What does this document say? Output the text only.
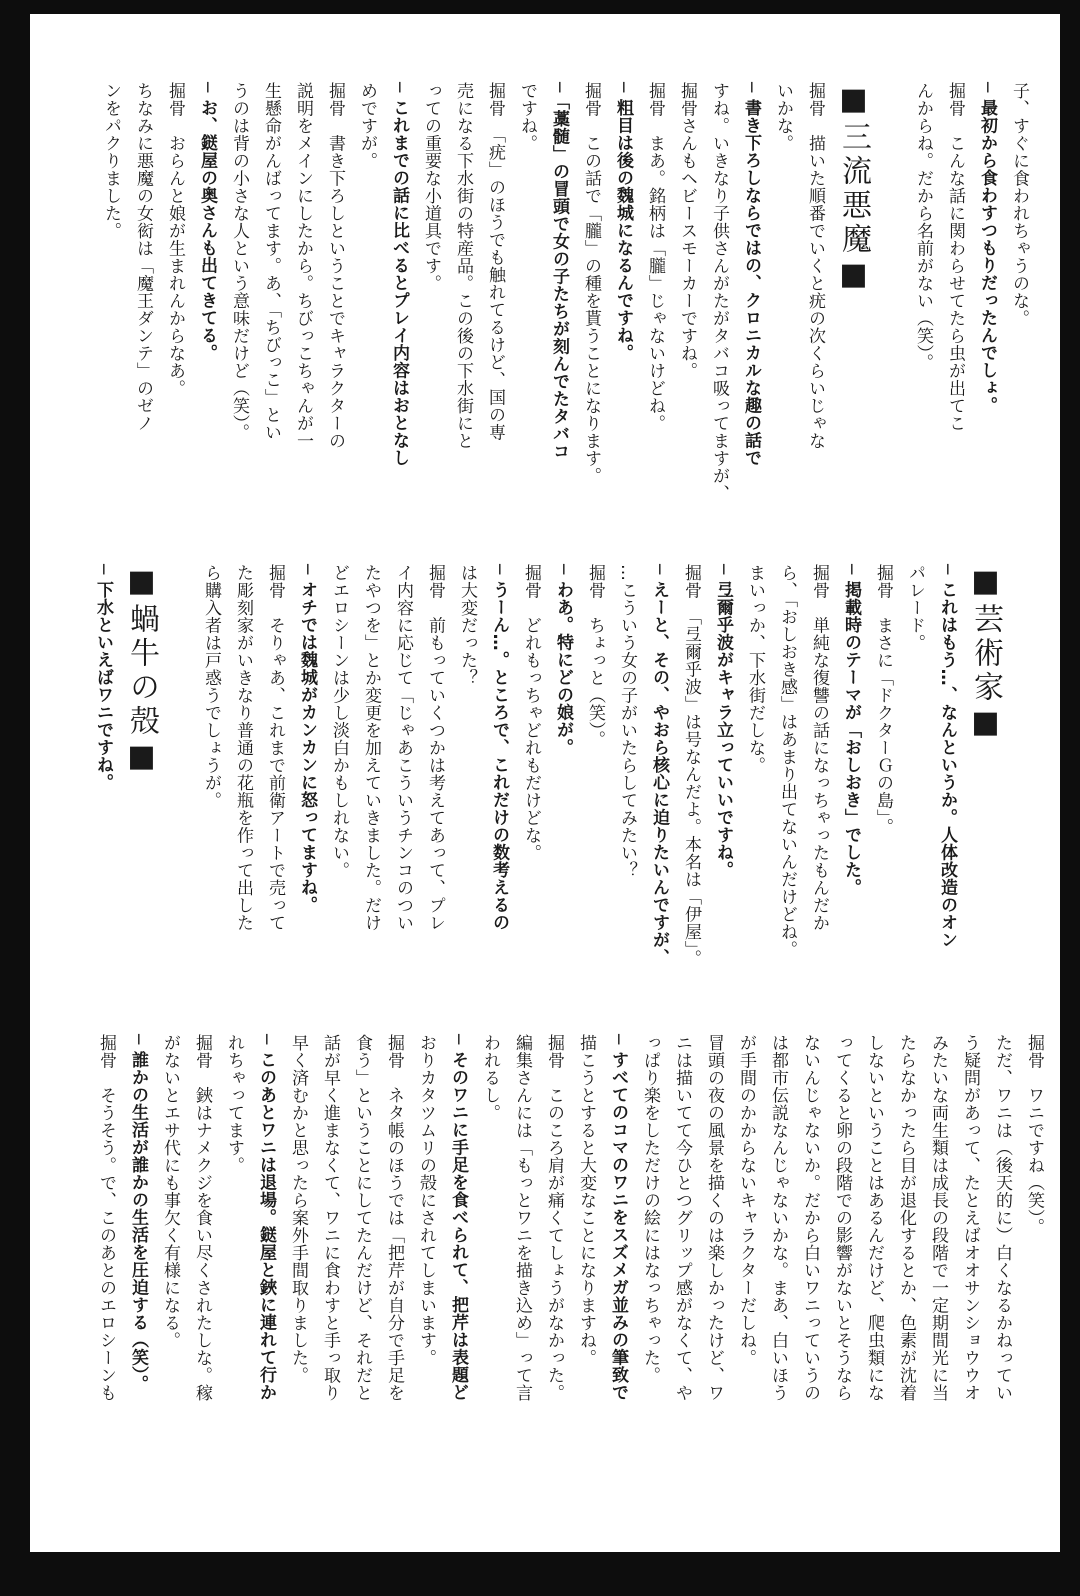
子、すぐに食われちゃうのな。
─ 最初から食わすつもりだったんでしょ。
掘骨　こんな話に関わらせてたら虫が出てこ
んからね。だから名前がない（笑）。

■三流悪魔■
掘骨　描いた順番でいくと疣の次くらいじゃな
いかな。
─ 書き下ろしならではの、クロニカルな趣の話で
すね。いきなり子供さんがたがタバコ吸ってますが、
掘骨さんもヘビースモーカーですね。
掘骨　まあ。銘柄は「朧」じゃないけどね。
─ 粗目は後の魏城になるんですね。
掘骨　この話で「朧」の種を貰うことになります。
─「藁髄」の冒頭で女の子たちが刻んでたタバコ
ですね。
掘骨　「疣」のほうでも触れてるけど、国の専
売になる下水街の特産品。この後の下水街にと
っての重要な小道具です。
─ これまでの話に比べるとプレイ内容はおとなし
めですが。
掘骨　書き下ろしということでキャラクターの
説明をメインにしたから。ちびっこちゃんが一
生懸命がんばってます。あ、「ちびっこ」とい
うのは背の小さな人という意味だけど（笑）。
─ お、鎹屋の奥さんも出てきてる。
掘骨　おらんと娘が生まれんからなあ。
ちなみに悪魔の女衒は「魔王ダンテ」のゼノ
ンをパクりました。

■芸術家■
─ これはもう…、なんというか。人体改造のオン
パレード。
掘骨　まさに「ドクターＧの島」。
─ 掲載時のテーマが「おしおき」でした。
掘骨　単純な復讐の話になっちゃったもんだか
ら、「おしおき感」はあまり出てないんだけどね。
まいっか、下水街だしな。
─ 弖爾乎波がキャラ立っていいですね。
掘骨　「弖爾乎波」は号なんだよ。本名は「伊屋」。
─ えーと、その、やおら核心に迫りたいんですが、
…こういう女の子がいたらしてみたい？
掘骨　ちょっと（笑）。
─ わあ。特にどの娘が。
掘骨　どれもっちゃどれもだけどな。
─ うーん…。ところで、これだけの数考えるの
は大変だった？
掘骨　前もっていくつかは考えてあって、プレ
イ内容に応じて「じゃあこういうチンコのつい
たやつを」とか変更を加えていきました。だけ
どエロシーンは少し淡白かもしれない。
─ オチでは魏城がカンカンに怒ってますね。
掘骨　そりゃあ、これまで前衛アートで売って
た彫刻家がいきなり普通の花瓶を作って出した
ら購入者は戸惑うでしょうが。

■蝸牛の殻■
─ 下水といえばワニですね。
掘骨　ワニですね（笑）。
ただ、ワニは（後天的に）白くなるかねってい
う疑問があって、たとえばオオサンショウウオ
みたいな両生類は成長の段階で一定期間光に当
たらなかったら目が退化するとか、色素が沈着
しないということはあるんだけど、爬虫類にな
ってくると卵の段階での影響がないとそうなら
ないんじゃないか。だから白いワニっていうの
は都市伝説なんじゃないかな。まあ、白いほう
が手間のかからないキャラクターだしね。
冒頭の夜の風景を描くのは楽しかったけど、ワ
ニは描いてて今ひとつグリップ感がなくて、や
っぱり楽をしただけの絵にはなっちゃった。
─ すべてのコマのワニをスズメガ並みの筆致で
描こうとすると大変なことになりますね。
掘骨　このころ肩が痛くてしょうがなかった。
編集さんには「もっとワニを描き込め」って言
われるし。
─ そのワニに手足を食べられて、把芹は表題ど
おりカタツムリの殻にされてしまいます。
掘骨　ネタ帳のほうでは「把芹が自分で手足を
食う」ということにしてたんだけど、それだと
話が早く進まなくて、ワニに食わすと手っ取り
早く済むかと思ったら案外手間取りました。
─ このあとワニは退場。鎹屋と鋏に連れて行か
れちゃってます。
掘骨　鋏はナメクジを食い尽くされたしな。稼
がないとエサ代にも事欠く有様になる。
─ 誰かの生活が誰かの生活を圧迫する（笑）。
掘骨　そうそう。で、このあとのエロシーンも
